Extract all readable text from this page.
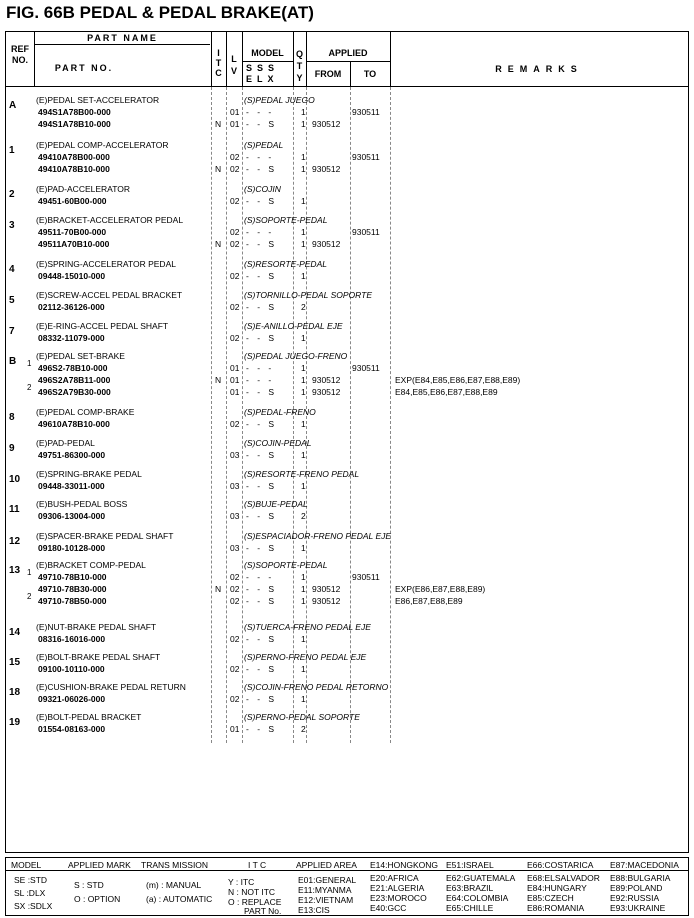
FIG. 66B PEDAL & PEDAL BRAKE(AT)
REF
NO.
PART NAME
PART NO.
I
T
C
L
V
MODEL
SSS
ELX
Q
T
Y
APPLIED
FROM	TO	REMARKS
A (E)PEDAL SET-ACCELERATOR	(S)PEDAL JUEGO
494S1A78B00-000	01 - - -	1	930511
494S1A78B10-000	N 01 - - S	1 930512
1	(E)PEDAL COMP-ACCELERATOR	(S)PEDAL
49410A78B00-000	02 - - -	1	930511
49410A78B10-000	N 02 - - S	1 930512
2	(E)PAD-ACCELERATOR	(S)COJIN
49451-60B00-000	02 - - S	1
3	(E)BRACKET-ACCELERATOR PEDAL	(S)SOPORTE-PEDAL
49511-70B00-000	02 - - -	1	930511
49511A70B10-000	N 02 - - S	1 930512
4	(E)SPRING-ACCELERATOR PEDAL	(S)RESORTE-PEDAL
09448-15010-000	02 - - S	1
5	(E)SCREW-ACCEL PEDAL BRACKET	(S)TORNILLO-PEDAL SOPORTE
02112-36126-000	02 - - S	2
7	(E)E-RING-ACCEL PEDAL SHAFT	(S)E-ANILLO-PEDAL EJE
08332-11079-000	02 - - S	1
B (E)PEDAL SET-BRAKE	(S)PEDAL JUEGO-FRENO
1 496S2-78B10-000	01 - - -	1	930511
496S2A78B11-000	N 01 - - -	1 930512	EXP(E84,E85,E86,E87,E88,E89)
2 496S2A79B30-000	01 - - S	1 930512	E84,E85,E86,E87,E88,E89
8	(E)PEDAL COMP-BRAKE	(S)PEDAL-FRENO
49610A78B10-000	02 - - S	1
9	(E)PAD-PEDAL	(S)COJIN-PEDAL
49751-86300-000	03 - - S	1
10 (E)SPRING-BRAKE PEDAL	(S)RESORTE-FRENO PEDAL
09448-33011-000	03 - - S	1
11 (E)BUSH-PEDAL BOSS	(S)BUJE-PEDAL
09306-13004-000	03 - - S	2
12 (E)SPACER-BRAKE PEDAL SHAFT	(S)ESPACIADOR-FRENO PEDAL EJE
09180-10128-000	03 - - S	1
13 (E)BRACKET COMP-PEDAL	(S)SOPORTE-PEDAL
1 49710-78B10-000	02 - - -	1	930511
49710-78B30-000	N 02 - - S	1 930512	EXP(E86,E87,E88,E89)
2 49710-78B50-000	02 - - S	1 930512	E86,E87,E88,E89
14 (E)NUT-BRAKE PEDAL SHAFT	(S)TUERCA-FRENO PEDAL EJE
08316-16016-000	02 - - S	1
15 (E)BOLT-BRAKE PEDAL SHAFT	(S)PERNO-FRENO PEDAL EJE
09100-10110-000	02 - - S	1
18 (E)CUSHION-BRAKE PEDAL RETURN	(S)COJIN-FRENO PEDAL RETORNO
09321-06026-000	02 - - S	1
19 (E)BOLT-PEDAL BRACKET	(S)PERNO-PEDAL SOPORTE
01554-08163-000	01 - - S	2
MODEL	APPLIED MARK TRANS MISSION	I T C	APPLIED AREA E14:HONGKONG E51:ISRAEL	E66:COSTARICA E87:MACEDONIA
SE :STD
SL :DLX
SX :SDLX
S : STD
O : OPTION
(m) : MANUAL
(a) : AUTOMATIC
Y : ITC
N : NOT ITC
O : REPLACE
PART No.
E01:GENERAL
E11:MYANMA
E12:VIETNAM
E13:CIS
E20:AFRICA
E21:ALGERIA
E23:MOROCO
E40:GCC
E62:GUATEMALA
E63:BRAZIL
E64:COLOMBIA
E65:CHILLE
E68:ELSALVADOR
E84:HUNGARY
E85:CZECH
E86:ROMANIA
E88:BULGARIA
E89:POLAND
E92:RUSSIA
E93:UKRAINE
